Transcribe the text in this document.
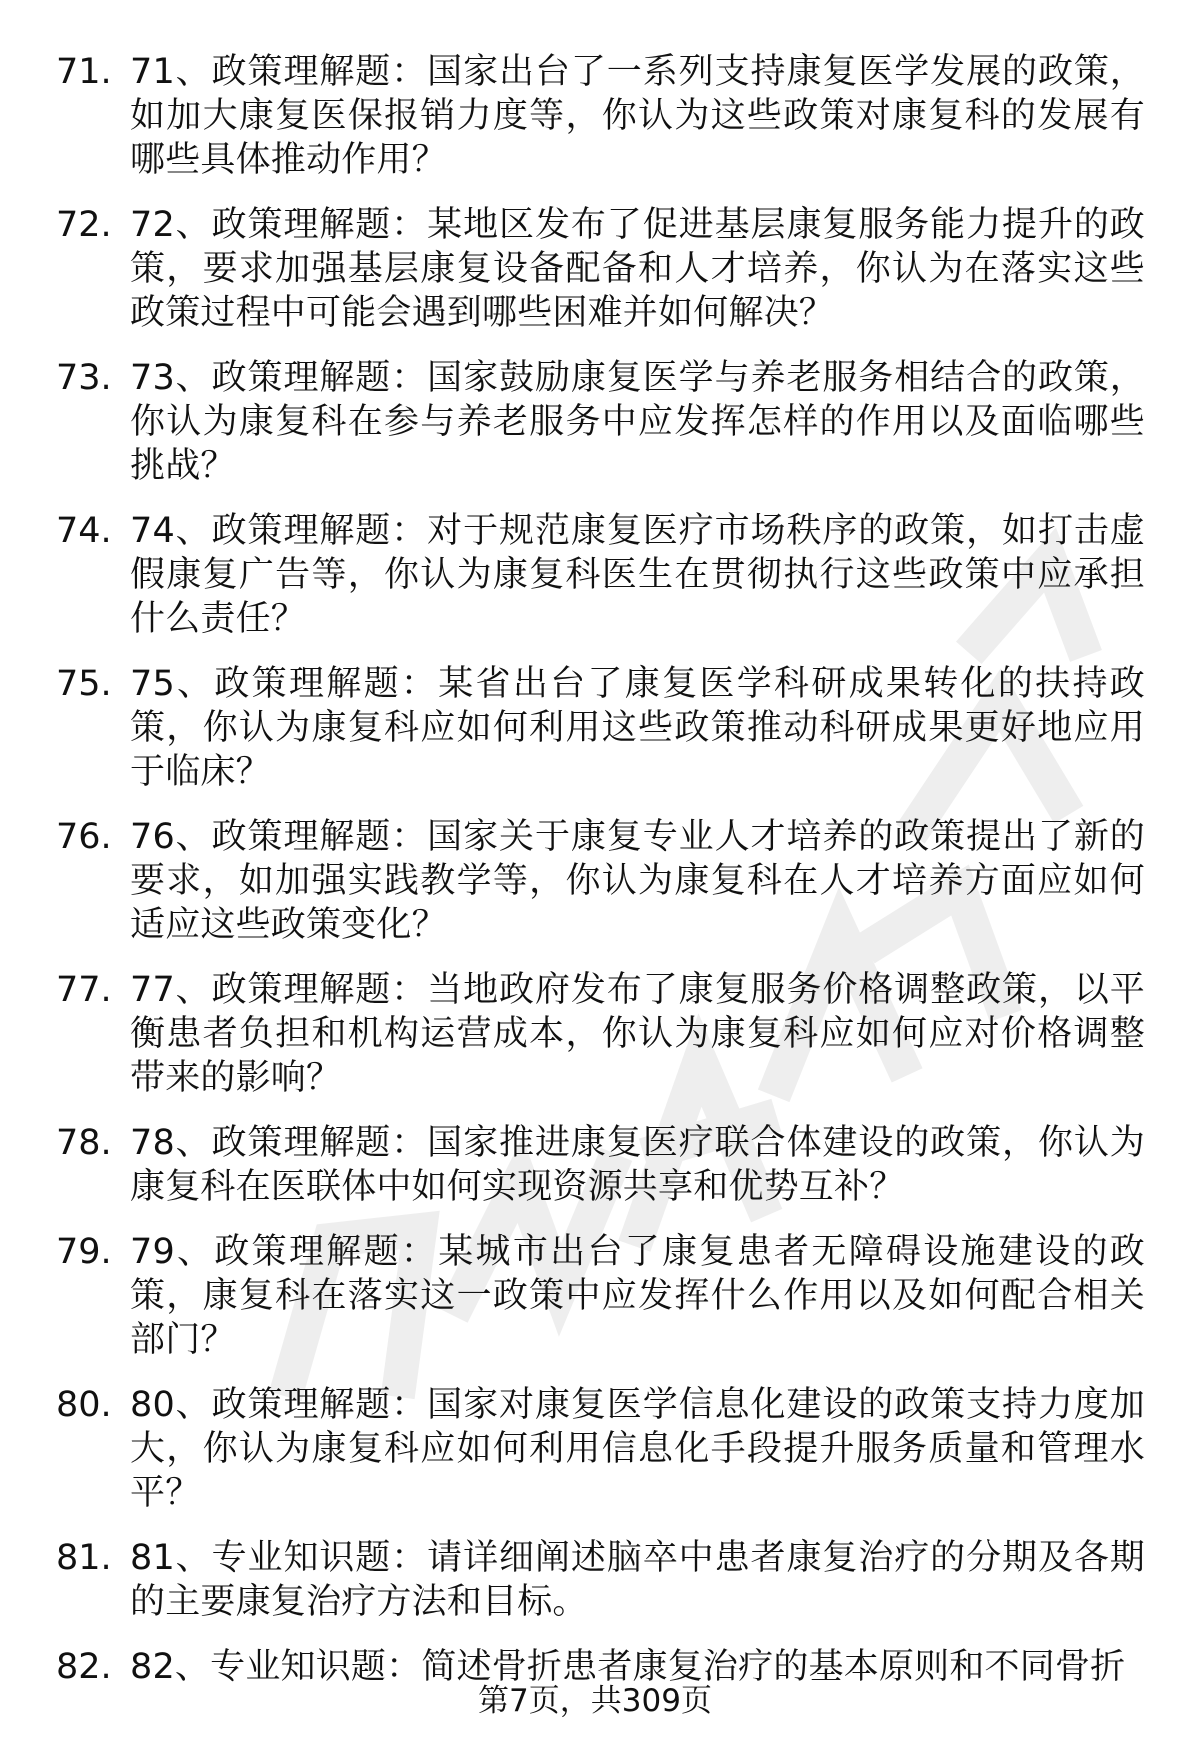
71. 71、政策理解题：国家出台了一系列支持康复医学发展的政策，如加大康复医保报销力度等，你认为这些政策对康复科的发展有哪些具体推动作用？
72. 72、政策理解题：某地区发布了促进基层康复服务能力提升的政策，要求加强基层康复设备配备和人才培养，你认为在落实这些政策过程中可能会遇到哪些困难并如何解决？
73. 73、政策理解题：国家鼓励康复医学与养老服务相结合的政策，你认为康复科在参与养老服务中应发挥怎样的作用以及面临哪些挑战？
74. 74、政策理解题：对于规范康复医疗市场秩序的政策，如打击虚假康复广告等，你认为康复科医生在贯彻执行这些政策中应承担什么责任？
75. 75、政策理解题：某省出台了康复医学科研成果转化的扶持政策，你认为康复科应如何利用这些政策推动科研成果更好地应用于临床？
76. 76、政策理解题：国家关于康复专业人才培养的政策提出了新的要求，如加强实践教学等，你认为康复科在人才培养方面应如何适应这些政策变化？
77. 77、政策理解题：当地政府发布了康复服务价格调整政策，以平衡患者负担和机构运营成本，你认为康复科应如何应对价格调整带来的影响？
78. 78、政策理解题：国家推进康复医疗联合体建设的政策，你认为康复科在医联体中如何实现资源共享和优势互补？
79. 79、政策理解题：某城市出台了康复患者无障碍设施建设的政策，康复科在落实这一政策中应发挥什么作用以及如何配合相关部门？
80. 80、政策理解题：国家对康复医学信息化建设的政策支持力度加大，你认为康复科应如何利用信息化手段提升服务质量和管理水平？
81. 81、专业知识题：请详细阐述脑卒中患者康复治疗的分期及各期的主要康复治疗方法和目标。
82. 82、专业知识题：简述骨折患者康复治疗的基本原则和不同骨折
第7页，共309页
